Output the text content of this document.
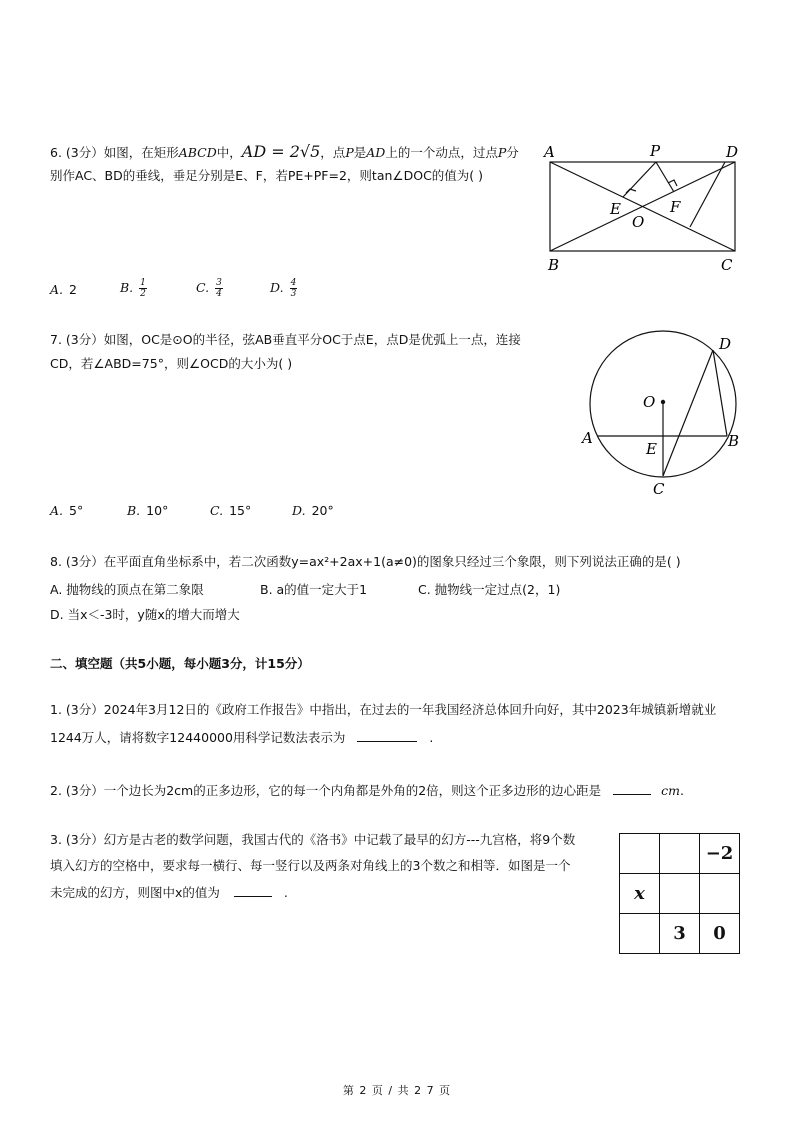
6. (3分）如图，在矩形ABCD中，AD = 2√5，点P是AD上的一个动点，过点P分
别作AC、BD的垂线，垂足分别是E、F，若PE+PF=2，则tan∠DOC的值为( )
A	P	D
E	F
O
B	C
A. 2	B. $\frac{1}{2}$	C. $\frac{3}{4}$	D. $\frac{4}{3}$
7. (3分）如图，OC是⊙O的半径，弦AB垂直平分OC于点E，点D是优弧上一点，连接
CD，若∠ABD=75°，则∠OCD的大小为( )
D
O
A
E	B
C
A. 5°	B. 10°	C. 15°	D. 20°
8. (3分）在平面直角坐标系中，若二次函数y=ax²+2ax+1(a≠0)的图象只经过三个象限，则下列说法正确的是( )
A. 抛物线的顶点在第二象限	B. a的值一定大于1	C. 抛物线一定过点(2，1)
D. 当x＜-3时，y随x的增大而增大
二、填空题（共5小题，每小题3分，计15分）
1. (3分）2024年3月12日的《政府工作报告》中指出，在过去的一年我国经济总体回升向好，其中2023年城镇新增就业
1244万人，请将数字12440000用科学记数法表示为	.
2. (3分）一个边长为2cm的正多边形，它的每一个内角都是外角的2倍，则这个正多边形的边心距是	cm.
3. (3分）幻方是古老的数学问题，我国古代的《洛书》中记载了最早的幻方---九宫格，将9个数
填入幻方的空格中，要求每一横行、每一竖行以及两条对角线上的3个数之和相等．如图是一个
未完成的幻方，则图中x的值为	.
		−2
x		
	3	0
第 2 页 / 共 2 7 页
